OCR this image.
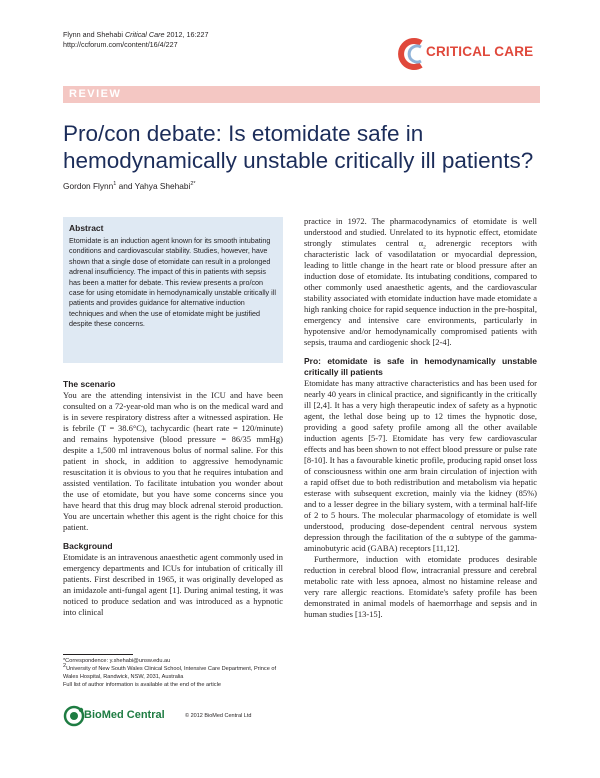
Flynn and Shehabi Critical Care 2012, 16:227
http://ccforum.com/content/16/4/227	CRITICAL CARE
REVIEW
Pro/con debate: Is etomidate safe in hemodynamically unstable critically ill patients?
Gordon Flynn$^1$ and Yahya Shehabi$^{2*}$
Abstract

Etomidate is an induction agent known for its smooth intubating conditions and cardiovascular stability. Studies, however, have shown that a single dose of etomidate can result in a prolonged adrenal insufficiency. The impact of this in patients with sepsis has been a matter for debate. This review presents a pro/con case for using etomidate in hemodynamically unstable critically ill patients and provides guidance for alternative induction techniques and when the use of etomidate might be justified despite these concerns.

The scenario

You are the attending intensivist in the ICU and have been consulted on a 72-year-old man who is on the medical ward and is in severe respiratory distress after a witnessed aspiration. He is febrile (T = 38.6°C), tachycardic (heart rate = 120/minute) and remains hypotensive (blood pressure = 86/35 mmHg) despite a 1,500 ml intravenous bolus of normal saline. For this patient in shock, in addition to aggressive hemodynamic resuscitation it is obvious to you that he requires intubation and assisted ventilation. To facilitate intubation you wonder about the use of etomidate, but you have some concerns since you have heard that this drug may block adrenal steroid production. You are uncertain whether this agent is the right choice for this patient.

Background

Etomidate is an intravenous anaesthetic agent commonly used in emergency departments and ICUs for intubation of critically ill patients. First described in 1965, it was originally developed as an imidazole anti-fungal agent [1]. During animal testing, it was noticed to produce sedation and was introduced as a hypnotic into clinical

practice in 1972. The pharmacodynamics of etomidate is well understood and studied. Unrelated to its hypnotic effect, etomidate strongly stimulates central $\alpha_2$ adrenergic receptors with characteristic lack of vasodilatation or myocardial depression, leading to little change in the heart rate or blood pressure after an induction dose of etomidate. Its intubating conditions, compared to other commonly used anaesthetic agents, and the cardiovascular stability associated with etomidate induction have made etomidate a high ranking choice for rapid sequence induction in the pre-hospital, emergency and intensive care environments, particularly in hypotensive and/or hemodynamically compromised patients with sepsis, trauma and cardiogenic shock [2-4].

Pro: etomidate is safe in hemodynamically unstable critically ill patients

Etomidate has many attractive characteristics and has been used for nearly 40 years in clinical practice, and significantly in the critically ill [2,4]. It has a very high therapeutic index of safety as a hypnotic agent, the lethal dose being up to 12 times the hypnotic dose, providing a good safety profile among all the other available induction agents [5-7]. Etomidate has very few cardiovascular effects and has been shown to not effect blood pressure or pulse rate [8-10]. It has a favourable kinetic profile, producing rapid onset loss of consciousness within one arm brain circulation of injection with a rapid offset due to both redistribution and metabolism via hepatic esterase with subsequent excretion, mainly via the kidney (85%) and to a lesser degree in the biliary system, with a terminal half-life of 2 to 5 hours. The molecular pharmacology of etomidate is well understood, producing dose-dependent central nervous system depression through the facilitation of the α subtype of the gamma-aminobutyric acid (GABA) receptors [11,12].

Furthermore, induction with etomidate produces desirable reduction in cerebral blood flow, intracranial pressure and cerebral metabolic rate with less apnoea, almost no histamine release and very rare allergic reactions. Etomidate's safety profile has been demonstrated in animal models of haemorrhage and sepsis and in human studies [13-15].

*Correspondence: y.shehabi@unsw.edu.au

$^2$University of New South Wales Clinical School, Intensive Care Department, Prince of Wales Hospital, Randwick, NSW, 2031, Australia

Full list of author information is available at the end of the article

BioMed Central	© 2012 BioMed Central Ltd
